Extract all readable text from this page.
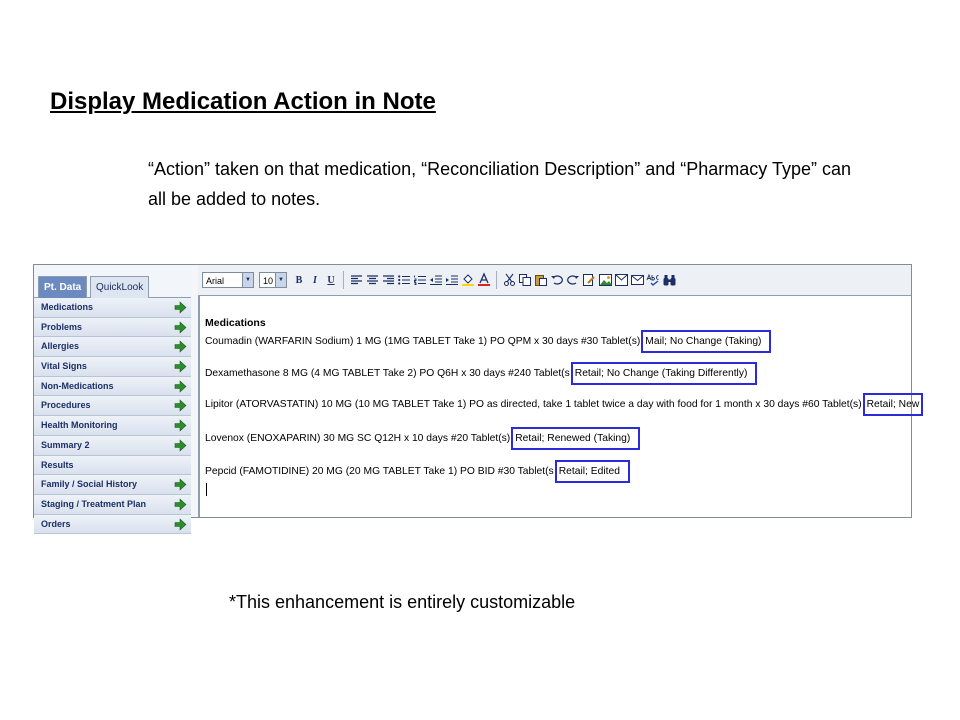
Display Medication Action in Note

“Action” taken on that medication, “Reconciliation Description” and “Pharmacy Type” can all be added to notes.

Pt. Data	QuickLook
Medications
Problems
Allergies
Vital Signs
Non-Medications
Procedures
Health Monitoring
Summary 2
Results
Family / Social History
Staging / Treatment Plan
Orders
Arial	▼	10 ▼	B	I	U

Medications

Coumadin (WARFARIN Sodium) 1 MG (1MG TABLET Take 1) PO QPM x 30 days #30 Tablet(s) Mail; No Change (Taking)
Dexamethasone 8 MG (4 MG TABLET Take 2) PO Q6H x 30 days #240 Tablet(s Retail; No Change (Taking Differently)
Lipitor (ATORVASTATIN) 10 MG (10 MG TABLET Take 1) PO as directed, take 1 tablet twice a day with food for 1 month x 30 days #60 Tablet(s) Retail; New
Lovenox (ENOXAPARIN) 30 MG SC Q12H x 10 days #20 Tablet(s) Retail; Renewed (Taking)
Pepcid (FAMOTIDINE) 20 MG (20 MG TABLET Take 1) PO BID #30 Tablet(s Retail; Edited

*This enhancement is entirely customizable
